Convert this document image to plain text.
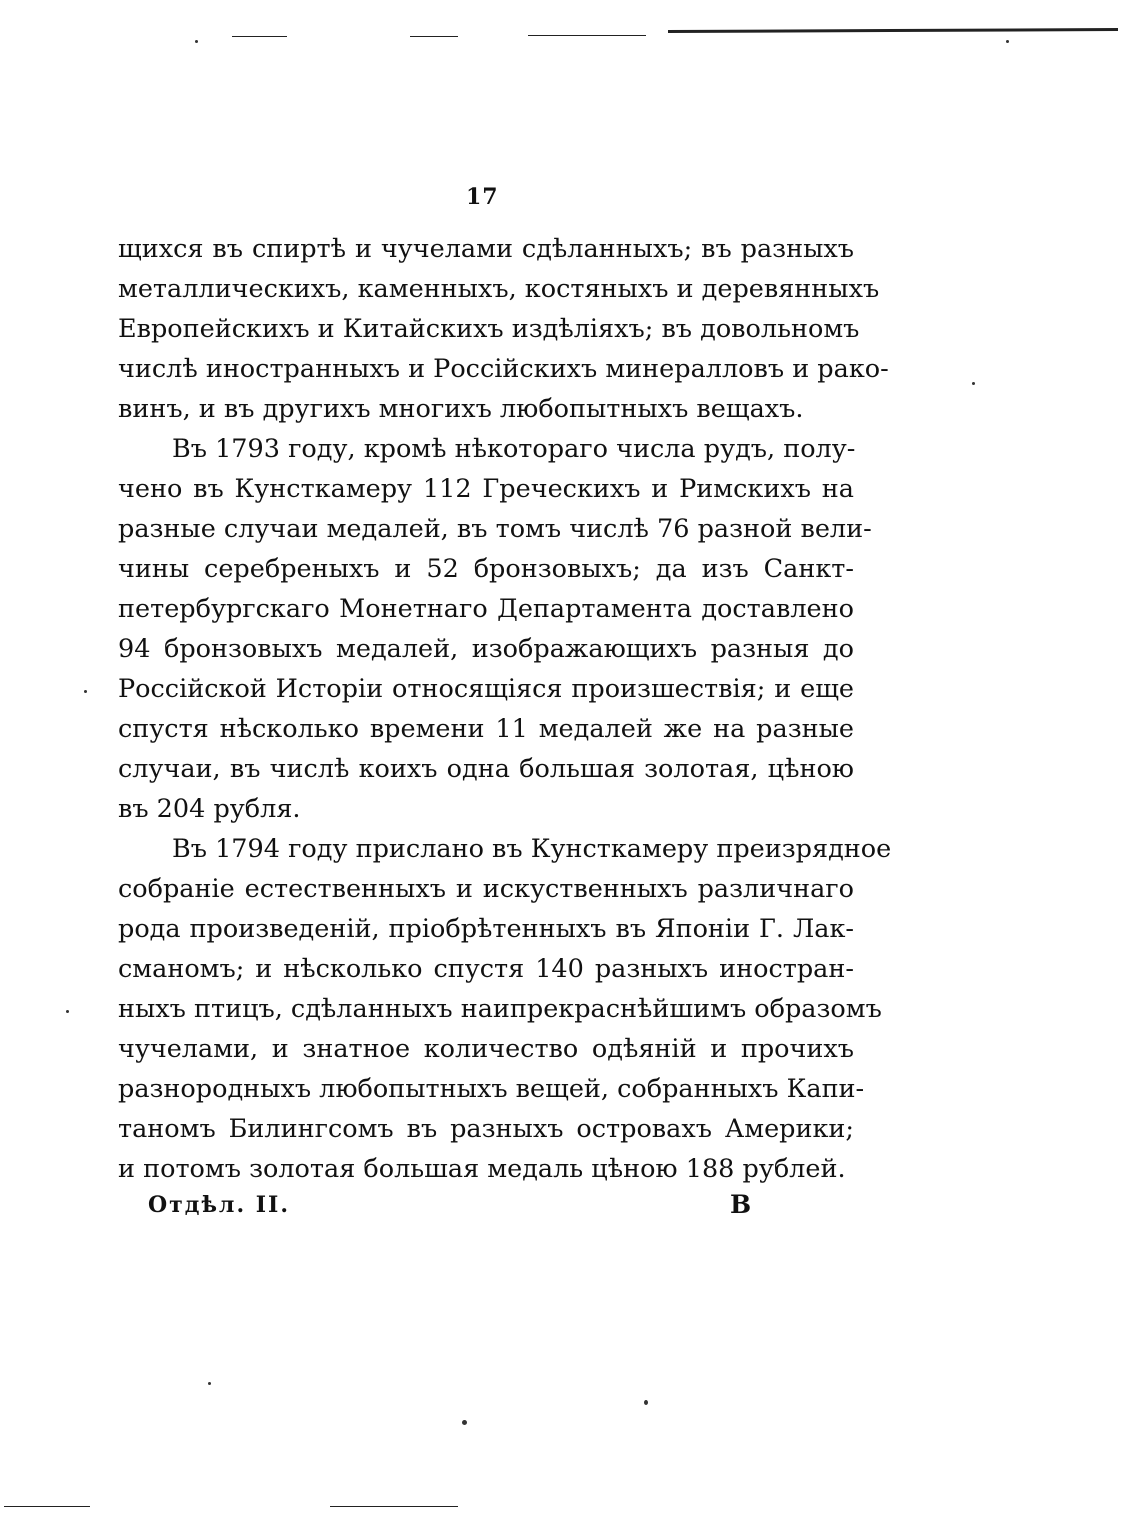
17
щихся въ спиртѣ и чучелами сдѣланныхъ; въ разныхъ
металлическихъ, каменныхъ, костяныхъ и деревянныхъ
Европейскихъ и Китайскихъ издѣліяхъ; въ довольномъ
числѣ иностранныхъ и Россійскихъ минералловъ и рако-
винъ, и въ другихъ многихъ любопытныхъ вещахъ.
Въ 1793 году, кромѣ нѣкотораго числа рудъ, полу-
чено въ Кунсткамеру 112 Греческихъ и Римскихъ на
разные случаи медалей, въ томъ числѣ 76 разной вели-
чины серебреныхъ и 52 бронзовыхъ; да изъ Санкт-
петербургскаго Монетнаго Департамента доставлено
94 бронзовыхъ медалей, изображающихъ разныя до
Россійской Исторіи относящіяся произшествія; и еще
спустя нѣсколько времени 11 медалей же на разные
случаи, въ числѣ коихъ одна большая золотая, цѣною
въ 204 рубля.
Въ 1794 году прислано въ Кунсткамеру преизрядное
собраніе естественныхъ и искуственныхъ различнаго
рода произведеній, пріобрѣтенныхъ въ Японіи Г. Лак-
сманомъ; и нѣсколько спустя 140 разныхъ иностран-
ныхъ птицъ, сдѣланныхъ наипрекраснѣйшимъ образомъ
чучелами, и знатное количество одѣяній и прочихъ
разнородныхъ любопытныхъ вещей, собранныхъ Капи-
таномъ Билингсомъ въ разныхъ островахъ Америки;
и потомъ золотая большая медаль цѣною 188 рублей.
Отдѣл. II.	В
